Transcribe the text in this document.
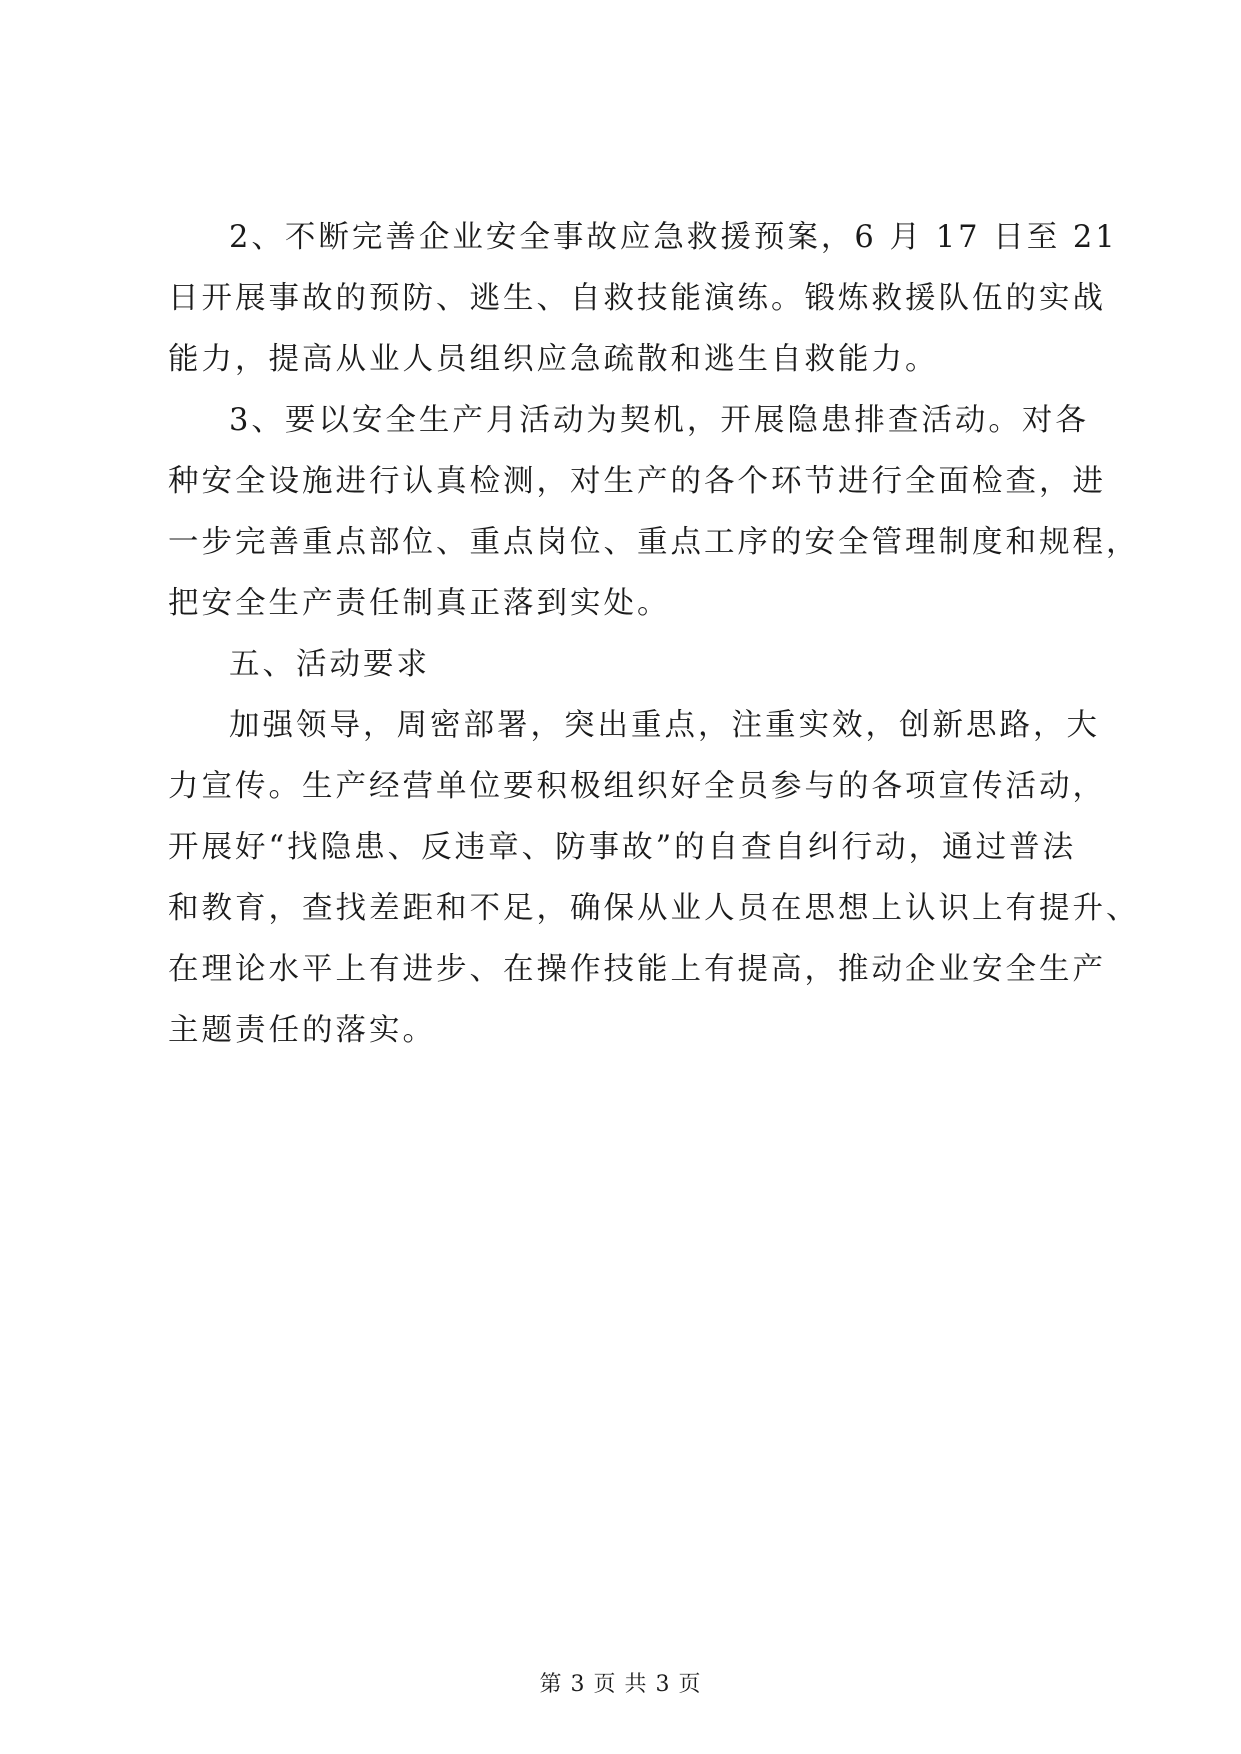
2、不断完善企业安全事故应急救援预案，6 月 17 日至 21
日开展事故的预防、逃生、自救技能演练。锻炼救援队伍的实战
能力，提高从业人员组织应急疏散和逃生自救能力。

3、要以安全生产月活动为契机，开展隐患排查活动。对各
种安全设施进行认真检测，对生产的各个环节进行全面检查，进
一步完善重点部位、重点岗位、重点工序的安全管理制度和规程，
把安全生产责任制真正落到实处。

五、活动要求

加强领导，周密部署，突出重点，注重实效，创新思路，大
力宣传。生产经营单位要积极组织好全员参与的各项宣传活动，
开展好“找隐患、反违章、防事故”的自查自纠行动，通过普法
和教育，查找差距和不足，确保从业人员在思想上认识上有提升、
在理论水平上有进步、在操作技能上有提高，推动企业安全生产
主题责任的落实。

第 3 页 共 3 页
